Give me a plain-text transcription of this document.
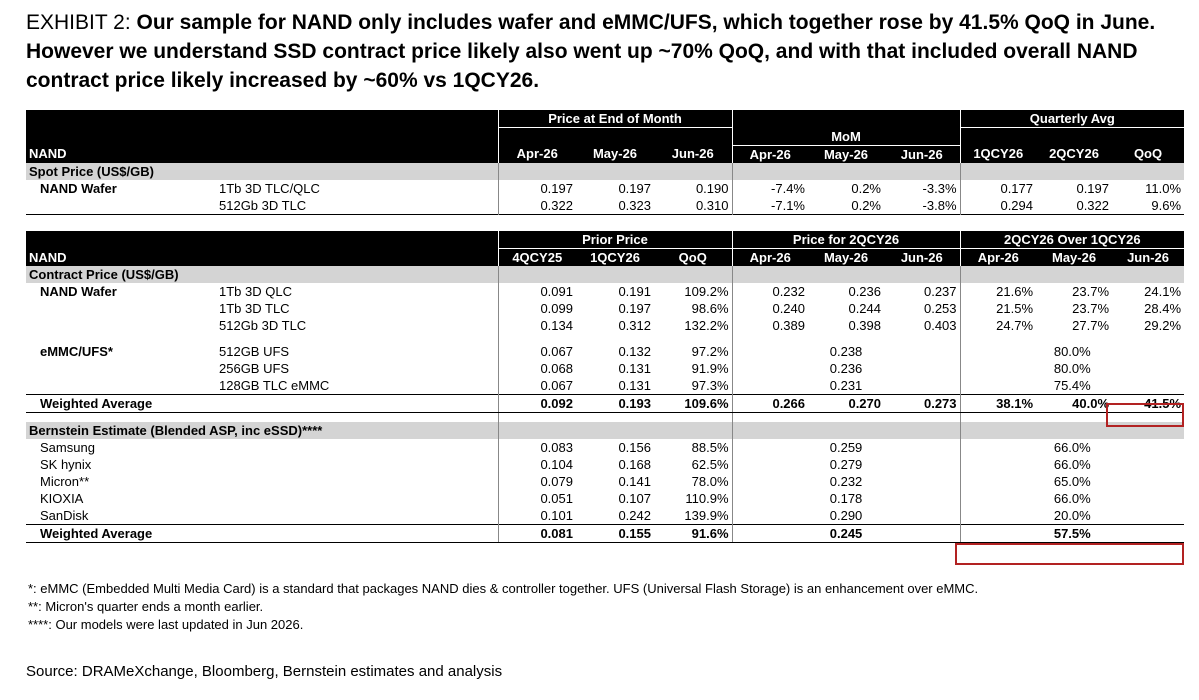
EXHIBIT 2: Our sample for NAND only includes wafer and eMMC/UFS, which together rose by 41.5% QoQ in June. However we understand SSD contract price likely also went up ~70% QoQ, and with that included overall NAND contract price likely increased by ~60% vs 1QCY26.
		Price at End of Month						Quarterly Avg		
					MoM					
NAND		Apr-26	May-26	Jun-26	Apr-26	May-26	Jun-26	1QCY26	2QCY26	QoQ
Spot Price (US$/GB)										
NAND Wafer	1Tb 3D TLC/QLC	0.197	0.197	0.190	-7.4%	0.2%	-3.3%	0.177	0.197	11.0%
	512Gb 3D TLC	0.322	0.323	0.310	-7.1%	0.2%	-3.8%	0.294	0.322	9.6%
		Prior Price			Price for 2QCY26			2QCY26 Over 1QCY26		
NAND		4QCY25	1QCY26	QoQ	Apr-26	May-26	Jun-26	Apr-26	May-26	Jun-26
Contract Price (US$/GB)										
NAND Wafer	1Tb 3D QLC	0.091	0.191	109.2%	0.232	0.236	0.237	21.6%	23.7%	24.1%
	1Tb 3D TLC	0.099	0.197	98.6%	0.240	0.244	0.253	21.5%	23.7%	28.4%
	512Gb 3D TLC	0.134	0.312	132.2%	0.389	0.398	0.403	24.7%	27.7%	29.2%

eMMC/UFS*	512GB UFS	0.067	0.132	97.2%	0.238			80.0%		
	256GB UFS	0.068	0.131	91.9%	0.236			80.0%		
	128GB TLC eMMC	0.067	0.131	97.3%	0.231			75.4%		
Weighted Average		0.092	0.193	109.6%	0.266	0.270	0.273	38.1%	40.0%	41.5%

Bernstein Estimate (Blended ASP, inc eSSD)****										
Samsung		0.083	0.156	88.5%	0.259			66.0%		
SK hynix		0.104	0.168	62.5%	0.279			66.0%		
Micron**		0.079	0.141	78.0%	0.232			65.0%		
KIOXIA		0.051	0.107	110.9%	0.178			66.0%		
SanDisk		0.101	0.242	139.9%	0.290			20.0%		
Weighted Average		0.081	0.155	91.6%	0.245			57.5%		
*: eMMC (Embedded Multi Media Card) is a standard that packages NAND dies & controller together. UFS (Universal Flash Storage) is an enhancement over eMMC.
**: Micron's quarter ends a month earlier.
****: Our models were last updated in Jun 2026.
Source: DRAMeXchange, Bloomberg, Bernstein estimates and analysis
